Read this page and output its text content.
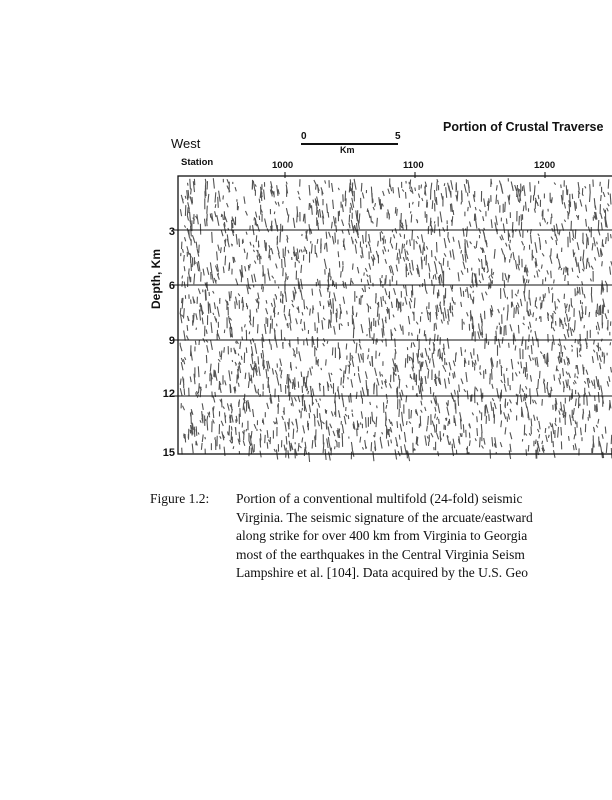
Portion of Crustal Traverse
West	0	5
Km
Station	1000	1100	1200
Depth, Km
3
6
9
12
15
Figure 1.2: Portion of a conventional multifold (24-fold) seismic
Virginia. The seismic signature of the arcuate/eastward
along strike for over 400 km from Virginia to Georgia
most of the earthquakes in the Central Virginia Seism
Lampshire et al. [104]. Data acquired by the U.S. Geo
